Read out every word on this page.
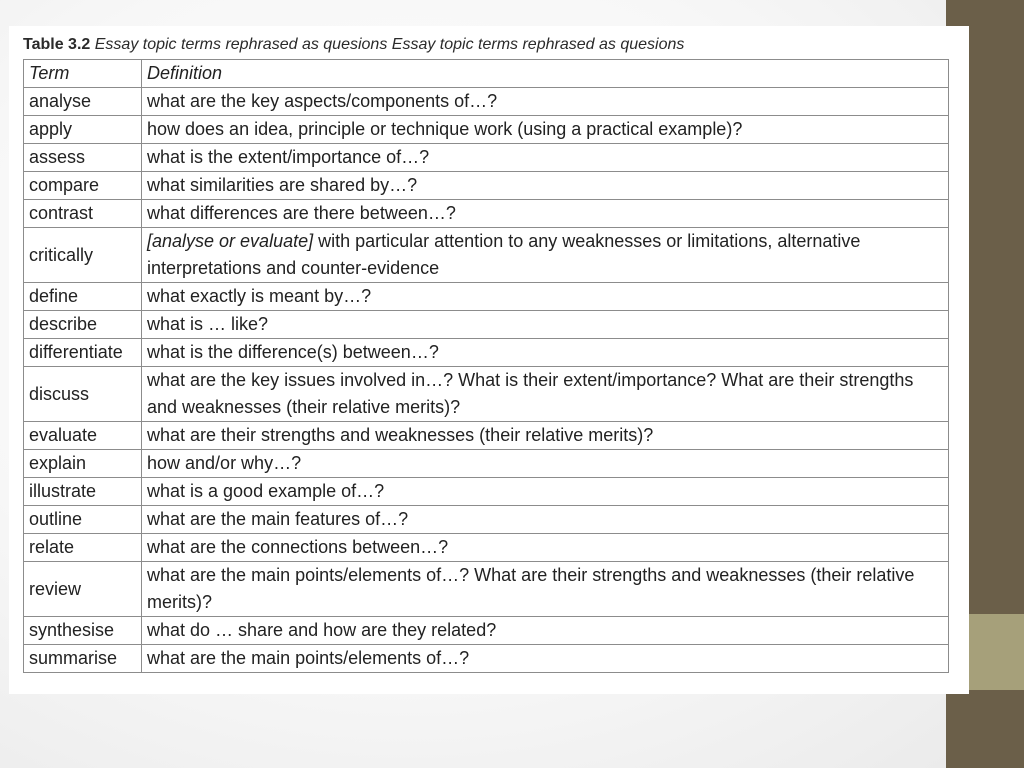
Table 3.2 Essay topic terms rephrased as quesions Essay topic terms rephrased as quesions
Term	Definition
analyse	what are the key aspects/components of…?
apply	how does an idea, principle or technique work (using a practical example)?
assess	what is the extent/importance of…?
compare	what similarities are shared by…?
contrast	what differences are there between…?
critically	[analyse or evaluate] with particular attention to any weaknesses or limitations, alternative interpretations and counter-evidence
define	what exactly is meant by…?
describe	what is … like?
differentiate	what is the difference(s) between…?
discuss	what are the key issues involved in…? What is their extent/importance? What are their strengths and weaknesses (their relative merits)?
evaluate	what are their strengths and weaknesses (their relative merits)?
explain	how and/or why…?
illustrate	what is a good example of…?
outline	what are the main features of…?
relate	what are the connections between…?
review	what are the main points/elements of…? What are their strengths and weaknesses (their relative merits)?
synthesise	what do … share and how are they related?
summarise	what are the main points/elements of…?
